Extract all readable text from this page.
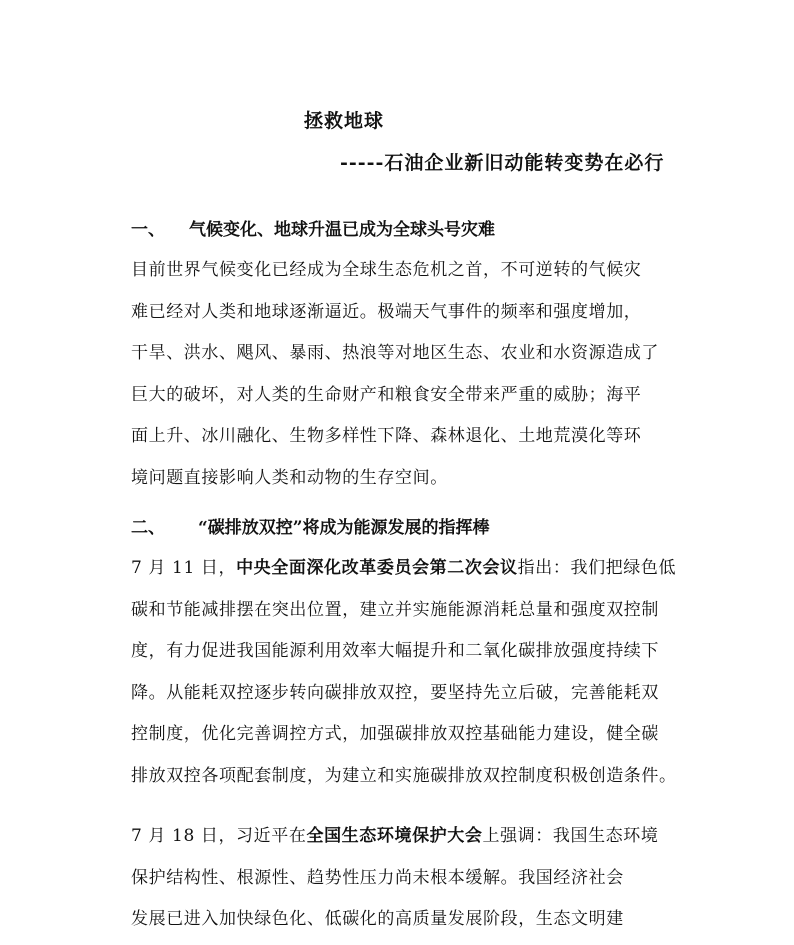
拯救地球
-----石油企业新旧动能转变势在必行
一、 气候变化、地球升温已成为全球头号灾难
目前世界气候变化已经成为全球生态危机之首，不可逆转的气候灾
难已经对人类和地球逐渐逼近。极端天气事件的频率和强度增加，
干旱、洪水、飓风、暴雨、热浪等对地区生态、农业和水资源造成了
巨大的破坏，对人类的生命财产和粮食安全带来严重的威胁；海平
面上升、冰川融化、生物多样性下降、森林退化、土地荒漠化等环
境问题直接影响人类和动物的生存空间。
二、 “碳排放双控”将成为能源发展的指挥棒
7 月 11 日，中央全面深化改革委员会第二次会议指出：我们把绿色低
碳和节能减排摆在突出位置，建立并实施能源消耗总量和强度双控制
度，有力促进我国能源利用效率大幅提升和二氧化碳排放强度持续下
降。从能耗双控逐步转向碳排放双控，要坚持先立后破，完善能耗双
控制度，优化完善调控方式，加强碳排放双控基础能力建设，健全碳
排放双控各项配套制度，为建立和实施碳排放双控制度积极创造条件。
7 月 18 日，习近平在全国生态环境保护大会上强调：我国生态环境
保护结构性、根源性、趋势性压力尚未根本缓解。我国经济社会
发展已进入加快绿色化、低碳化的高质量发展阶段，生态文明建
